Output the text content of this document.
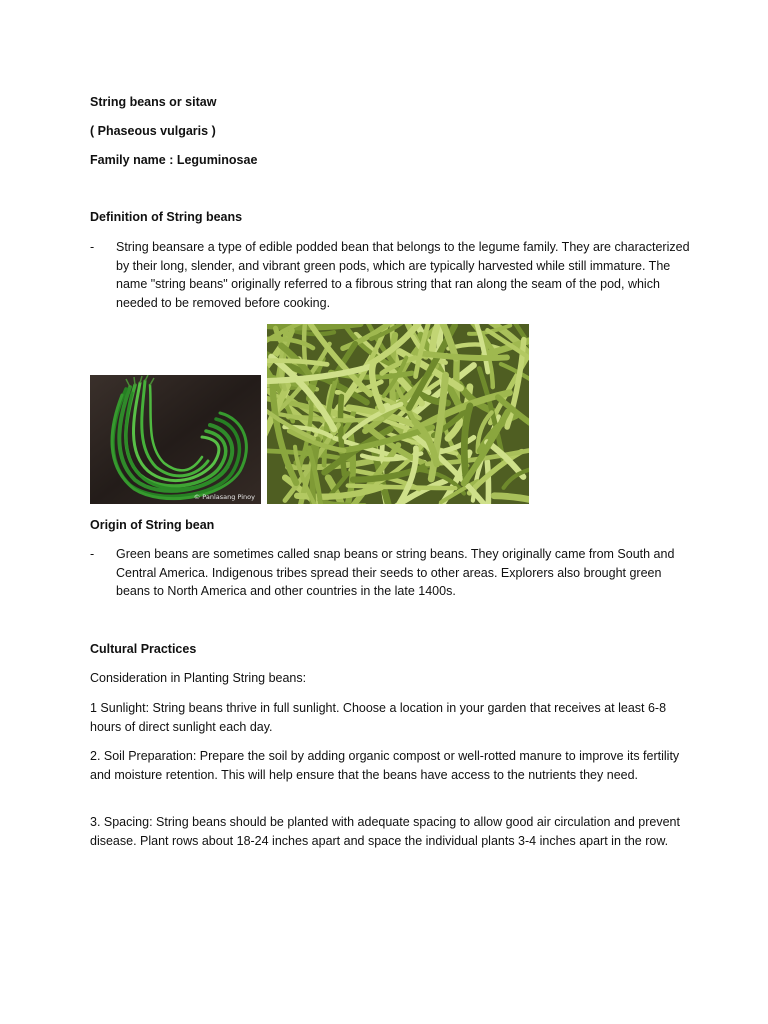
String beans or sitaw

( Phaseous vulgaris )

Family name : Leguminosae

Definition of String beans

-	String beansare a type of edible podded bean that belongs to the legume family. They are characterized by their long, slender, and vibrant green pods, which are typically harvested while still immature. The name "string beans" originally referred to a fibrous string that ran along the seam of the pod, which needed to be removed before cooking.
© Panlasang Pinoy

Origin of String bean

-	Green beans are sometimes called snap beans or string beans. They originally came from South and Central America. Indigenous tribes spread their seeds to other areas. Explorers also brought green beans to North America and other countries in the late 1400s.

Cultural Practices

Consideration in Planting String beans:

1 Sunlight: String beans thrive in full sunlight. Choose a location in your garden that receives at least 6-8 hours of direct sunlight each day.

2. Soil Preparation: Prepare the soil by adding organic compost or well-rotted manure to improve its fertility and moisture retention. This will help ensure that the beans have access to the nutrients they need.

3. Spacing: String beans should be planted with adequate spacing to allow good air circulation and prevent disease. Plant rows about 18-24 inches apart and space the individual plants 3-4 inches apart in the row.
